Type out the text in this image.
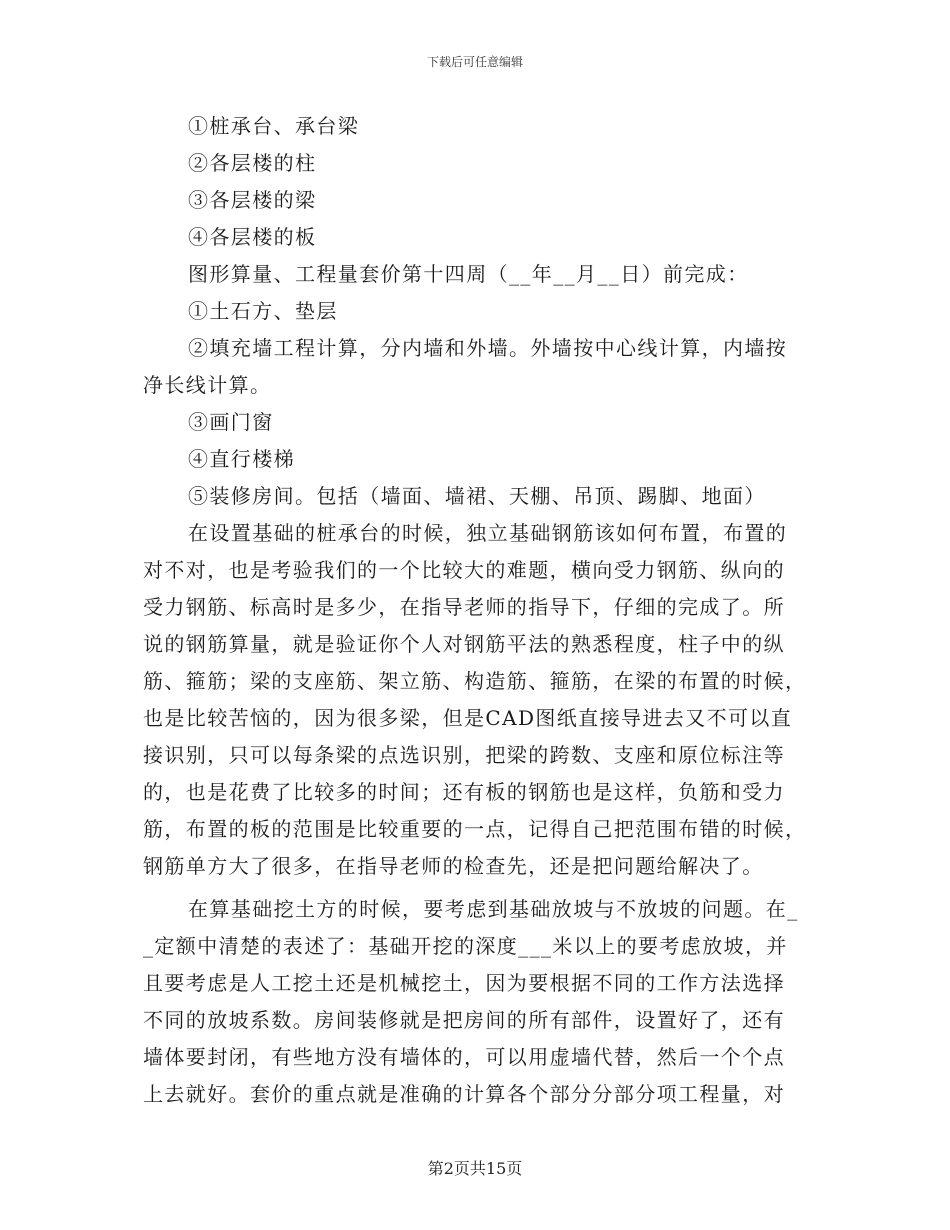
下载后可任意编辑
①桩承台、承台梁
②各层楼的柱
③各层楼的梁
④各层楼的板
图形算量、工程量套价第十四周（__年__月__日）前完成：
①土石方、垫层
②填充墙工程计算，分内墙和外墙。外墙按中心线计算，内墙按
净长线计算。
③画门窗
④直行楼梯
⑤装修房间。包括（墙面、墙裙、天棚、吊顶、踢脚、地面）
在设置基础的桩承台的时候，独立基础钢筋该如何布置，布置的
对不对，也是考验我们的一个比较大的难题，横向受力钢筋、纵向的
受力钢筋、标高时是多少，在指导老师的指导下，仔细的完成了。所
说的钢筋算量，就是验证你个人对钢筋平法的熟悉程度，柱子中的纵
筋、箍筋；梁的支座筋、架立筋、构造筋、箍筋，在梁的布置的时候，
也是比较苦恼的，因为很多梁，但是CAD图纸直接导进去又不可以直
接识别，只可以每条梁的点选识别，把梁的跨数、支座和原位标注等
的，也是花费了比较多的时间；还有板的钢筋也是这样，负筋和受力
筋，布置的板的范围是比较重要的一点，记得自己把范围布错的时候，
钢筋单方大了很多，在指导老师的检查先，还是把问题给解决了。
在算基础挖土方的时候，要考虑到基础放坡与不放坡的问题。在_
_定额中清楚的表述了：基础开挖的深度___米以上的要考虑放坡，并
且要考虑是人工挖土还是机械挖土，因为要根据不同的工作方法选择
不同的放坡系数。房间装修就是把房间的所有部件，设置好了，还有
墙体要封闭，有些地方没有墙体的，可以用虚墙代替，然后一个个点
上去就好。套价的重点就是准确的计算各个部分分部分项工程量，对
第2页共15页
